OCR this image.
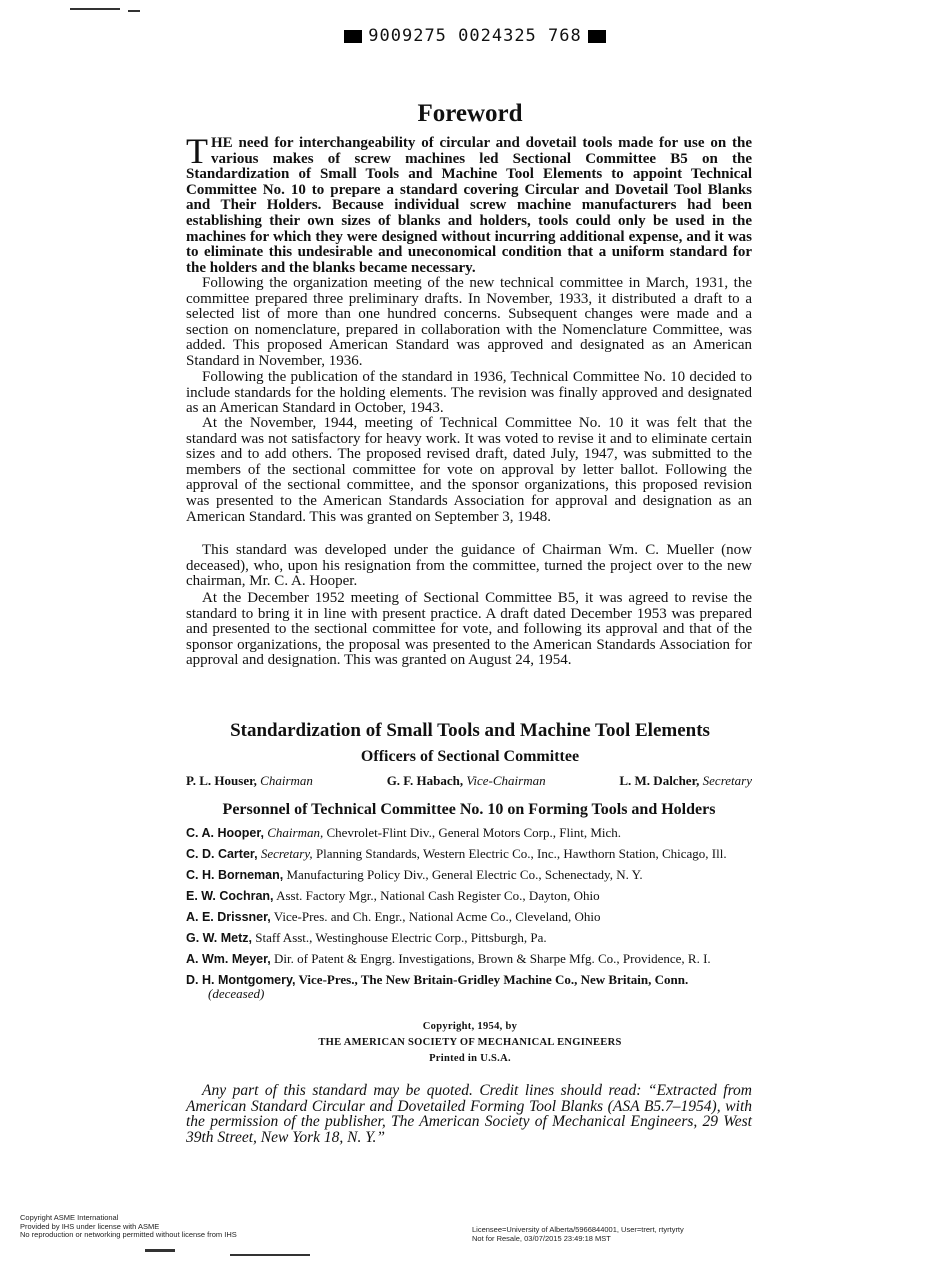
9009275 0024325 768
Foreword
THE need for interchangeability of circular and dovetail tools made for use on the various makes of screw machines led Sectional Committee B5 on the Standardization of Small Tools and Machine Tool Elements to appoint Technical Committee No. 10 to prepare a standard covering Circular and Dovetail Tool Blanks and Their Holders. Because individual screw machine manufacturers had been establishing their own sizes of blanks and holders, tools could only be used in the machines for which they were designed without incurring additional expense, and it was to eliminate this undesirable and uneconomical condition that a uniform standard for the holders and the blanks became necessary.
Following the organization meeting of the new technical committee in March, 1931, the committee prepared three preliminary drafts. In November, 1933, it distributed a draft to a selected list of more than one hundred concerns. Subsequent changes were made and a section on nomenclature, prepared in collaboration with the Nomenclature Committee, was added. This proposed American Standard was approved and designated as an American Standard in November, 1936.
Following the publication of the standard in 1936, Technical Committee No. 10 decided to include standards for the holding elements. The revision was finally approved and designated as an American Standard in October, 1943.
At the November, 1944, meeting of Technical Committee No. 10 it was felt that the standard was not satisfactory for heavy work. It was voted to revise it and to eliminate certain sizes and to add others. The proposed revised draft, dated July, 1947, was submitted to the members of the sectional committee for vote on approval by letter ballot. Following the approval of the sectional committee, and the sponsor organizations, this proposed revision was presented to the American Standards Association for approval and designation as an American Standard. This was granted on September 3, 1948.
This standard was developed under the guidance of Chairman Wm. C. Mueller (now deceased), who, upon his resignation from the committee, turned the project over to the new chairman, Mr. C. A. Hooper.
At the December 1952 meeting of Sectional Committee B5, it was agreed to revise the standard to bring it in line with present practice. A draft dated December 1953 was prepared and presented to the sectional committee for vote, and following its approval and that of the sponsor organizations, the proposal was presented to the American Standards Association for approval and designation. This was granted on August 24, 1954.
Standardization of Small Tools and Machine Tool Elements
Officers of Sectional Committee
P. L. Houser, Chairman	G. F. Habach, Vice-Chairman	L. M. Dalcher, Secretary
Personnel of Technical Committee No. 10 on Forming Tools and Holders
C. A. Hooper, Chairman, Chevrolet-Flint Div., General Motors Corp., Flint, Mich.
C. D. Carter, Secretary, Planning Standards, Western Electric Co., Inc., Hawthorn Station, Chicago, Ill.
C. H. Borneman, Manufacturing Policy Div., General Electric Co., Schenectady, N. Y.
E. W. Cochran, Asst. Factory Mgr., National Cash Register Co., Dayton, Ohio
A. E. Drissner, Vice-Pres. and Ch. Engr., National Acme Co., Cleveland, Ohio
G. W. Metz, Staff Asst., Westinghouse Electric Corp., Pittsburgh, Pa.
A. Wm. Meyer, Dir. of Patent & Engrg. Investigations, Brown & Sharpe Mfg. Co., Providence, R. I.
D. H. Montgomery, Vice-Pres., The New Britain-Gridley Machine Co., New Britain, Conn.
(deceased)
Copyright, 1954, by
THE AMERICAN SOCIETY OF MECHANICAL ENGINEERS
Printed in U.S.A.
Any part of this standard may be quoted. Credit lines should read: “Extracted from American Standard Circular and Dovetailed Forming Tool Blanks (ASA B5.7–1954), with the permission of the publisher, The American Society of Mechanical Engineers, 29 West 39th Street, New York 18, N. Y.”
Copyright ASME International
Provided by IHS under license with ASME
No reproduction or networking permitted without license from IHS
Licensee=University of Alberta/5966844001, User=trert, rtyrtyrty
Not for Resale, 03/07/2015 23:49:18 MST
